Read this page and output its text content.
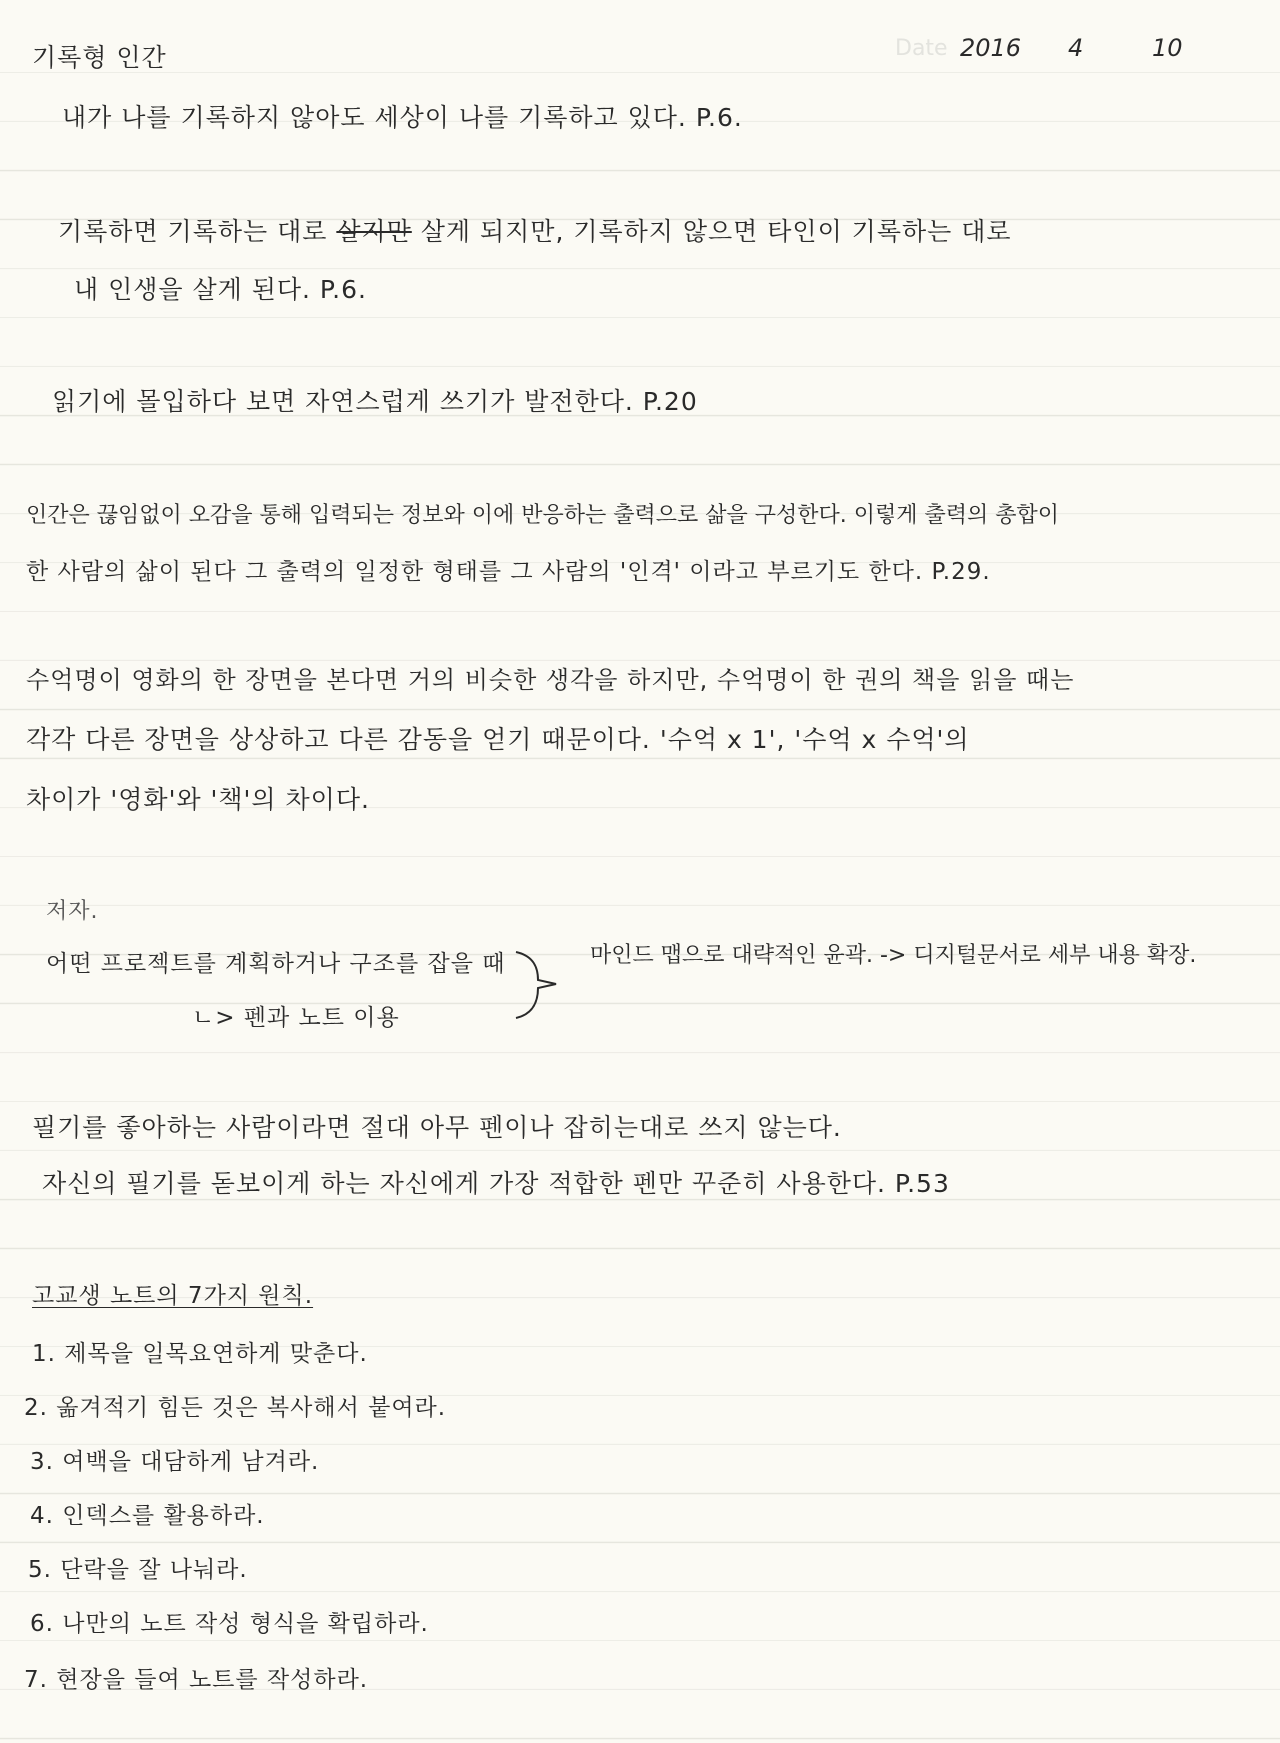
Date 2016 4	10
기록형 인간
내가 나를 기록하지 않아도 세상이 나를 기록하고 있다. P.6.
기록하면 기록하는 대로 살지만 살게 되지만, 기록하지 않으면 타인이 기록하는 대로
내 인생을 살게 된다. P.6.
읽기에 몰입하다 보면 자연스럽게 쓰기가 발전한다. P.20
인간은 끊임없이 오감을 통해 입력되는 정보와 이에 반응하는 출력으로 삶을 구성한다. 이렇게 출력의 총합이
한 사람의 삶이 된다 그 출력의 일정한 형태를 그 사람의 '인격' 이라고 부르기도 한다. P.29.
수억명이 영화의 한 장면을 본다면 거의 비슷한 생각을 하지만, 수억명이 한 권의 책을 읽을 때는
각각 다른 장면을 상상하고 다른 감동을 얻기 때문이다. '수억 x 1', '수억 x 수억'의
차이가 '영화'와 '책'의 차이다.
저자.
어떤 프로젝트를 계획하거나 구조를 잡을 때
ㄴ> 펜과 노트 이용
마인드 맵으로 대략적인 윤곽. -> 디지털문서로 세부 내용 확장.
필기를 좋아하는 사람이라면 절대 아무 펜이나 잡히는대로 쓰지 않는다.
자신의 필기를 돋보이게 하는 자신에게 가장 적합한 펜만 꾸준히 사용한다. P.53
고교생 노트의 7가지 원칙.
1. 제목을 일목요연하게 맞춘다.
2. 옮겨적기 힘든 것은 복사해서 붙여라.
3. 여백을 대담하게 남겨라.
4. 인덱스를 활용하라.
5. 단락을 잘 나눠라.
6. 나만의 노트 작성 형식을 확립하라.
7. 현장을 들여 노트를 작성하라.
